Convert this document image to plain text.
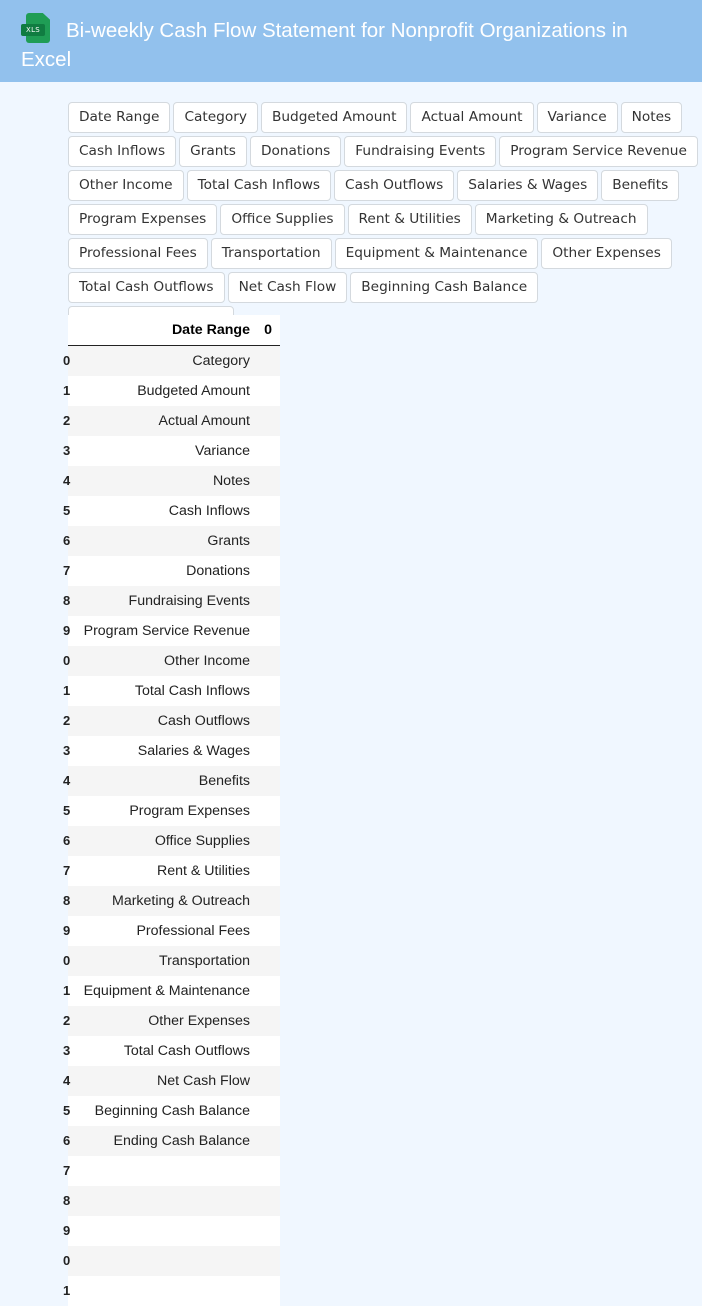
XLS Bi-weekly Cash Flow Statement for Nonprofit Organizations in Excel
Date Range	Category	Budgeted Amount	Actual Amount	Variance	Notes
Cash Inflows	Grants	Donations	Fundraising Events	Program Service Revenue
Other Income	Total Cash Inflows	Cash Outflows	Salaries & Wages	Benefits
Program Expenses	Office Supplies	Rent & Utilities	Marketing & Outreach
Professional Fees	Transportation	Equipment & Maintenance	Other Expenses
Total Cash Outflows	Net Cash Flow	Beginning Cash Balance
Date Range 0
0	Category
1	Budgeted Amount
2	Actual Amount
3	Variance
4	Notes
5	Cash Inflows
6	Grants
7	Donations
8	Fundraising Events
9 Program Service Revenue
0	Other Income
1	Total Cash Inflows
2	Cash Outflows
3	Salaries & Wages
4	Benefits
5	Program Expenses
6	Office Supplies
7	Rent & Utilities
8	Marketing & Outreach
9	Professional Fees
0	Transportation
1 Equipment & Maintenance
2	Other Expenses
3	Total Cash Outflows
4	Net Cash Flow
5 Beginning Cash Balance
6	Ending Cash Balance
7
8
9
0
1
